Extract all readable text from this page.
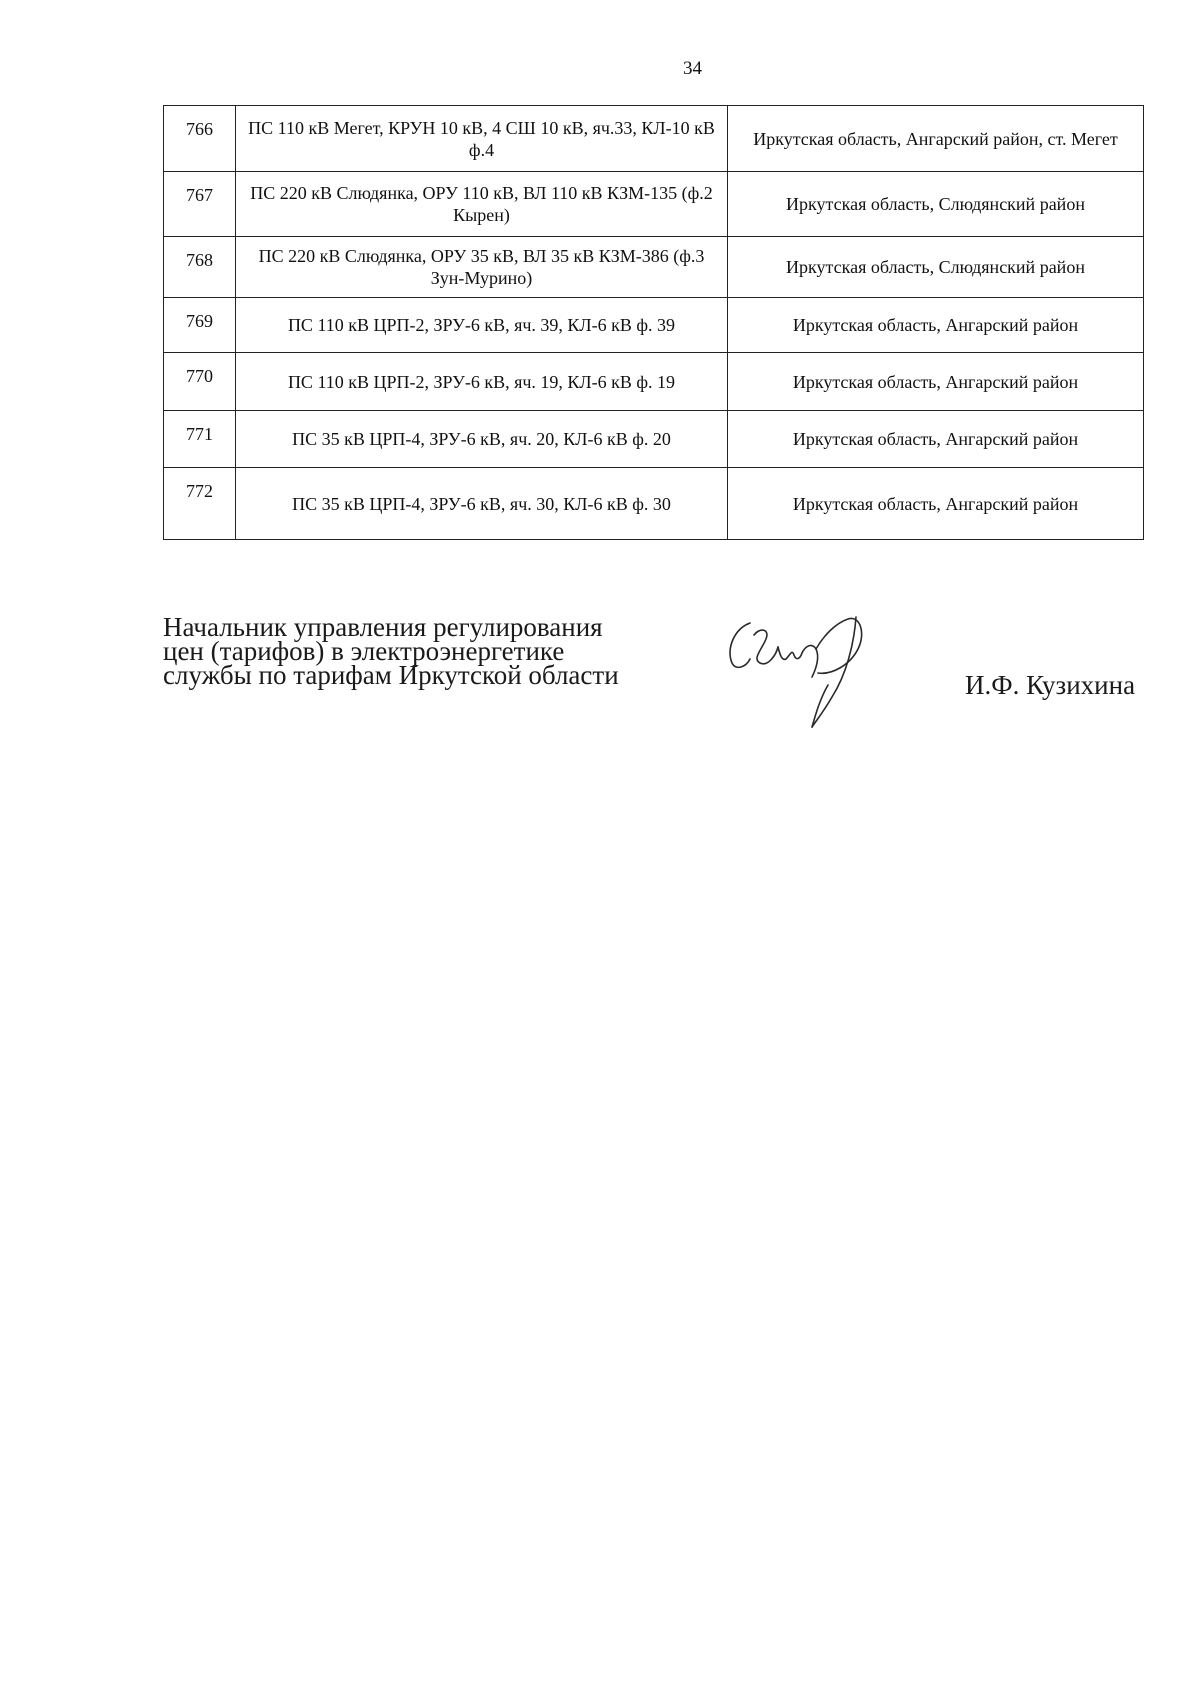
34
766	ПС 110 кВ Мегет, КРУН 10 кВ, 4 СШ 10 кВ, яч.33, КЛ-10 кВ ф.4	Иркутская область, Ангарский район, ст. Мегет
767	ПС 220 кВ Слюдянка, ОРУ 110 кВ, ВЛ 110 кВ КЗМ-135 (ф.2 Кырен)	Иркутская область, Слюдянский район
768	ПС 220 кВ Слюдянка, ОРУ 35 кВ, ВЛ 35 кВ КЗМ-386 (ф.3 Зун-Мурино)	Иркутская область, Слюдянский район
769	ПС 110 кВ ЦРП-2, ЗРУ-6 кВ, яч. 39, КЛ-6 кВ ф. 39	Иркутская область, Ангарский район
770	ПС 110 кВ ЦРП-2, ЗРУ-6 кВ, яч. 19, КЛ-6 кВ ф. 19	Иркутская область, Ангарский район
771	ПС 35 кВ ЦРП-4, ЗРУ-6 кВ, яч. 20, КЛ-6 кВ ф. 20	Иркутская область, Ангарский район
772	ПС 35 кВ ЦРП-4, ЗРУ-6 кВ, яч. 30, КЛ-6 кВ ф. 30	Иркутская область, Ангарский район
Начальник управления регулирования
цен (тарифов) в электроэнергетике
службы по тарифам Иркутской области	И.Ф. Кузихина
